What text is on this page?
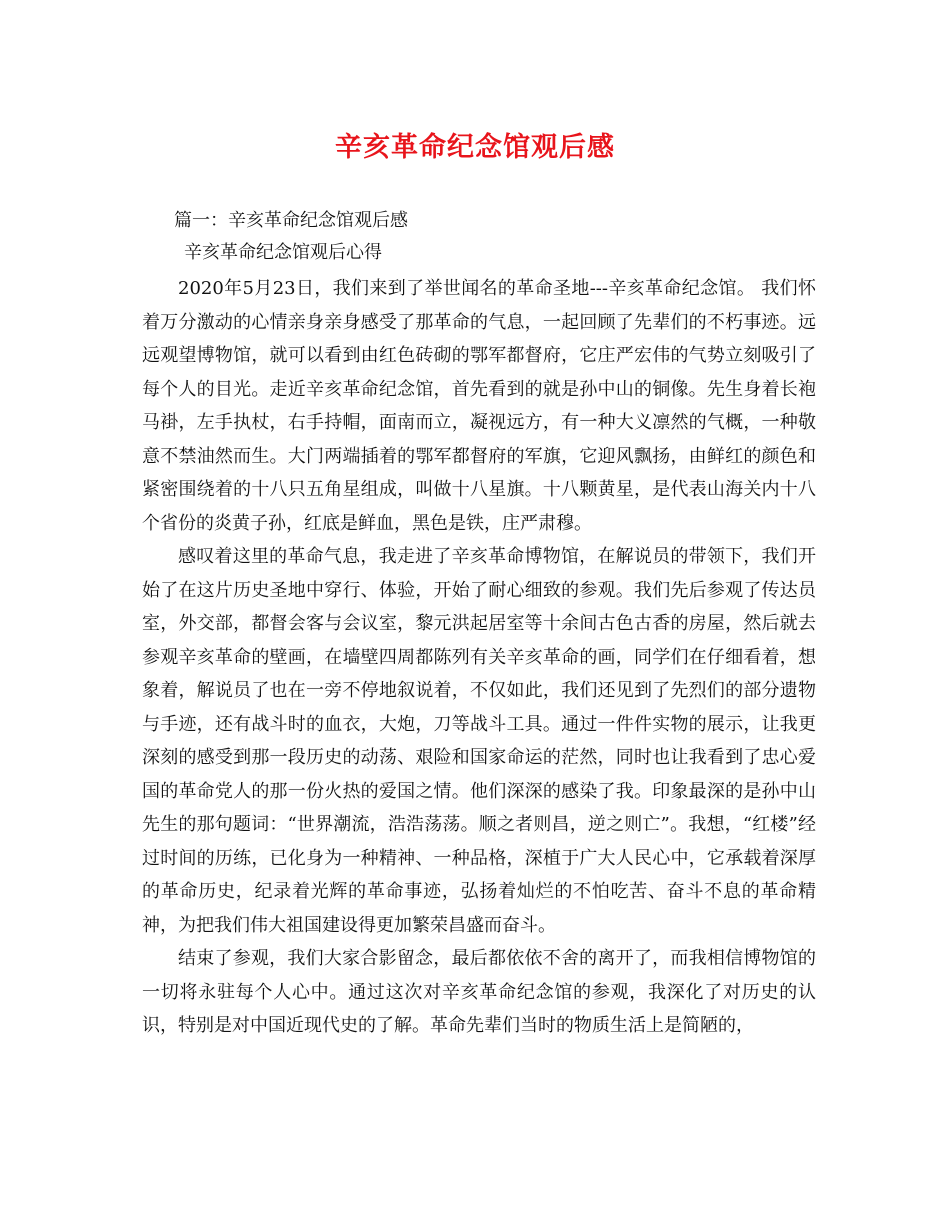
辛亥革命纪念馆观后感

篇一：辛亥革命纪念馆观后感

辛亥革命纪念馆观后心得

2020年5月23日，我们来到了举世闻名的革命圣地---辛亥革命纪念馆。 我们怀着万分激动的心情亲身亲身感受了那革命的气息，一起回顾了先辈们的不朽事迹。远远观望博物馆，就可以看到由红色砖砌的鄂军都督府，它庄严宏伟的气势立刻吸引了每个人的目光。走近辛亥革命纪念馆，首先看到的就是孙中山的铜像。先生身着长袍马褂，左手执杖，右手持帽，面南而立，凝视远方，有一种大义凛然的气概，一种敬意不禁油然而生。大门两端插着的鄂军都督府的军旗，它迎风飘扬，由鲜红的颜色和紧密围绕着的十八只五角星组成，叫做十八星旗。十八颗黄星，是代表山海关内十八个省份的炎黄子孙，红底是鲜血，黑色是铁，庄严肃穆。

感叹着这里的革命气息，我走进了辛亥革命博物馆，在解说员的带领下，我们开始了在这片历史圣地中穿行、体验，开始了耐心细致的参观。我们先后参观了传达员室，外交部，都督会客与会议室，黎元洪起居室等十余间古色古香的房屋，然后就去参观辛亥革命的壁画，在墙壁四周都陈列有关辛亥革命的画，同学们在仔细看着，想象着，解说员了也在一旁不停地叙说着，不仅如此，我们还见到了先烈们的部分遗物与手迹，还有战斗时的血衣，大炮，刀等战斗工具。通过一件件实物的展示，让我更深刻的感受到那一段历史的动荡、艰险和国家命运的茫然，同时也让我看到了忠心爱国的革命党人的那一份火热的爱国之情。他们深深的感染了我。印象最深的是孙中山先生的那句题词：“世界潮流，浩浩荡荡。顺之者则昌，逆之则亡”。我想，“红楼”经过时间的历练，已化身为一种精神、一种品格，深植于广大人民心中，它承载着深厚的革命历史，纪录着光辉的革命事迹，弘扬着灿烂的不怕吃苦、奋斗不息的革命精神，为把我们伟大祖国建设得更加繁荣昌盛而奋斗。

结束了参观，我们大家合影留念，最后都依依不舍的离开了，而我相信博物馆的一切将永驻每个人心中。通过这次对辛亥革命纪念馆的参观，我深化了对历史的认识，特别是对中国近现代史的了解。革命先辈们当时的物质生活上是简陋的，
